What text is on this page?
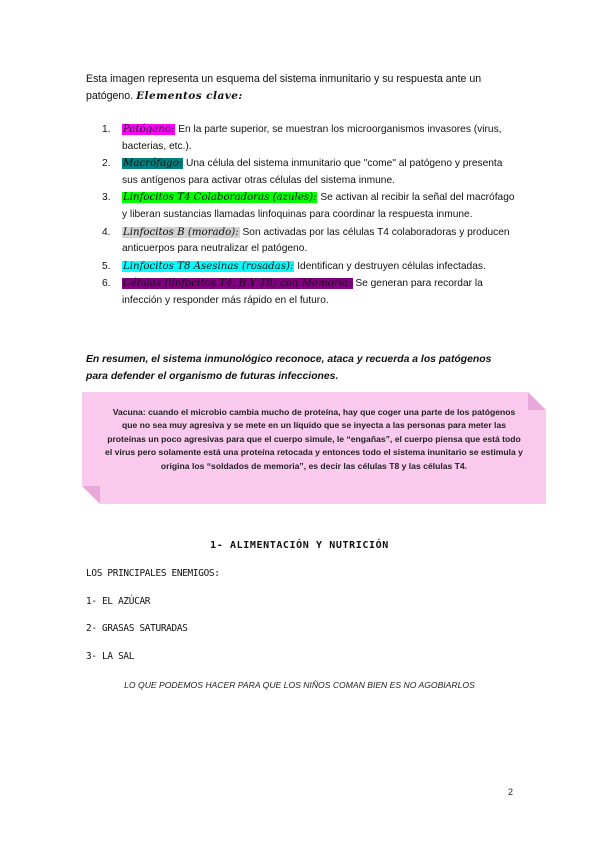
Esta imagen representa un esquema del sistema inmunitario y su respuesta ante un patógeno. Elementos clave:
1. Patógeno: En la parte superior, se muestran los microorganismos invasores (virus, bacterias, etc.).
2. Macrófago: Una célula del sistema inmunitario que "come" al patógeno y presenta sus antígenos para activar otras células del sistema inmune.
3. Linfocitos T4 Colaboradoras (azules): Se activan al recibir la señal del macrófago y liberan sustancias llamadas linfoquinas para coordinar la respuesta inmune.
4. Linfocitos B (morado): Son activadas por las células T4 colaboradoras y producen anticuerpos para neutralizar el patógeno.
5. Linfocitos T8 Asesinas (rosadas): Identifican y destruyen células infectadas.
6. Células (linfocitos T4, B Y T8) con Memoria: Se generan para recordar la infección y responder más rápido en el futuro.
En resumen, el sistema inmunológico reconoce, ataca y recuerda a los patógenos para defender el organismo de futuras infecciones.

Vacuna: cuando el microbio cambia mucho de proteína, hay que coger una parte de los patógenos que no sea muy agresiva y se mete en un líquido que se inyecta a las personas para meter las proteínas un poco agresivas para que el cuerpo simule, le “engañas”, el cuerpo piensa que está todo el virus pero solamente está una proteína retocada y entonces todo el sistema inunitario se estimula y origina los “soldados de memoria”, es decir las células T8 y las células T4.

1- ALIMENTACIÓN Y NUTRICIÓN
LOS PRINCIPALES ENEMIGOS:
1- EL AZÚCAR
2- GRASAS SATURADAS
3- LA SAL
LO QUE PODEMOS HACER PARA QUE LOS NIÑOS COMAN BIEN ES NO AGOBIARLOS
2
